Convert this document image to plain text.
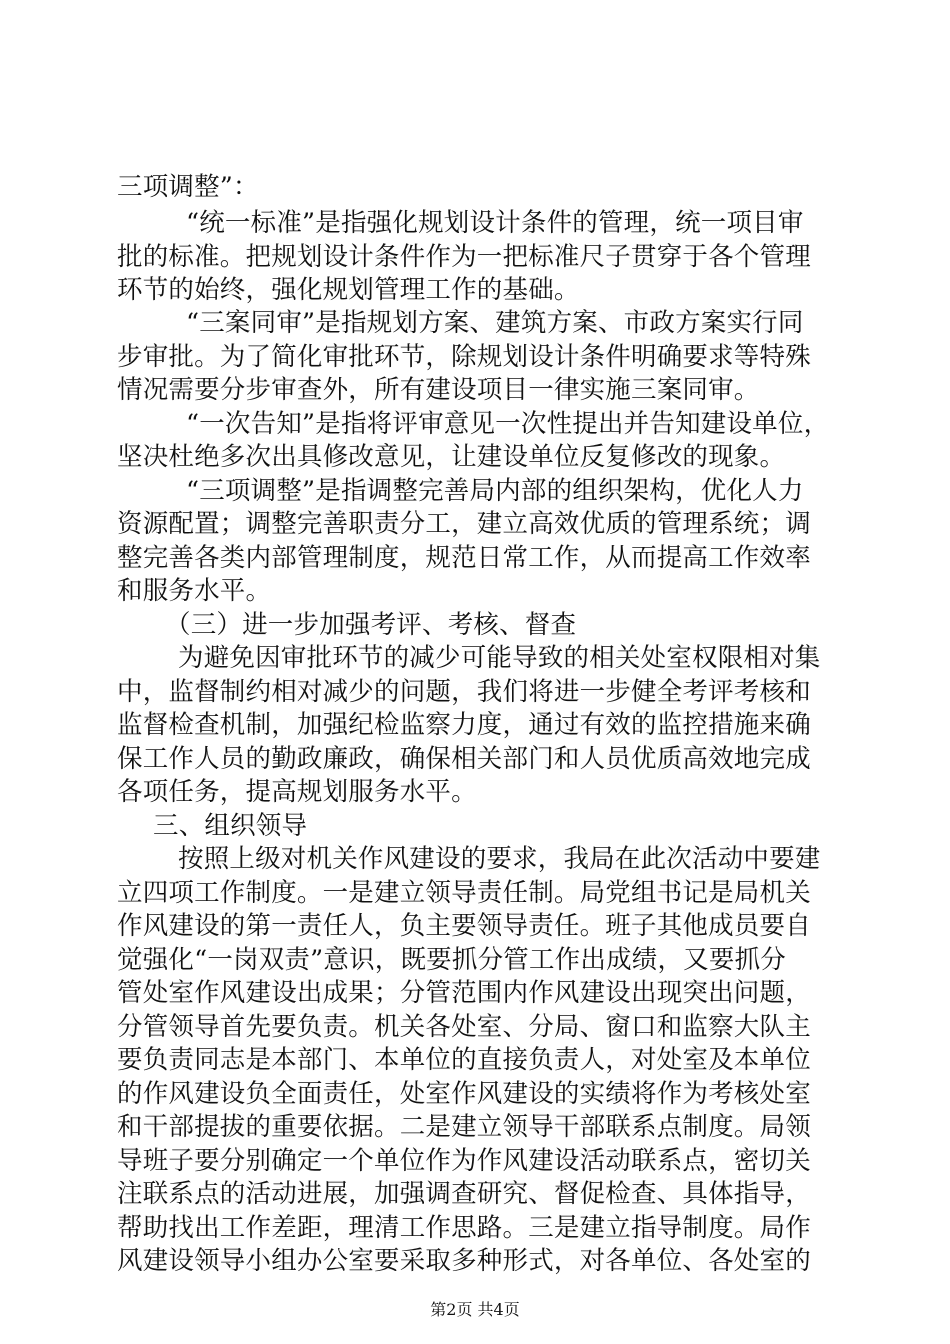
三项调整”：
“统一标准”是指强化规划设计条件的管理，统一项目审
批的标准。把规划设计条件作为一把标准尺子贯穿于各个管理
环节的始终，强化规划管理工作的基础。
“三案同审”是指规划方案、建筑方案、市政方案实行同
步审批。为了简化审批环节，除规划设计条件明确要求等特殊
情况需要分步审查外，所有建设项目一律实施三案同审。
“一次告知”是指将评审意见一次性提出并告知建设单位，
坚决杜绝多次出具修改意见，让建设单位反复修改的现象。
“三项调整”是指调整完善局内部的组织架构，优化人力
资源配置；调整完善职责分工，建立高效优质的管理系统；调
整完善各类内部管理制度，规范日常工作，从而提高工作效率
和服务水平。
（三）进一步加强考评、考核、督查
为避免因审批环节的减少可能导致的相关处室权限相对集
中，监督制约相对减少的问题，我们将进一步健全考评考核和
监督检查机制，加强纪检监察力度，通过有效的监控措施来确
保工作人员的勤政廉政，确保相关部门和人员优质高效地完成
各项任务，提高规划服务水平。
三、组织领导
按照上级对机关作风建设的要求，我局在此次活动中要建
立四项工作制度。一是建立领导责任制。局党组书记是局机关
作风建设的第一责任人，负主要领导责任。班子其他成员要自
觉强化“一岗双责”意识，既要抓分管工作出成绩，又要抓分
管处室作风建设出成果；分管范围内作风建设出现突出问题，
分管领导首先要负责。机关各处室、分局、窗口和监察大队主
要负责同志是本部门、本单位的直接负责人，对处室及本单位
的作风建设负全面责任，处室作风建设的实绩将作为考核处室
和干部提拔的重要依据。二是建立领导干部联系点制度。局领
导班子要分别确定一个单位作为作风建设活动联系点，密切关
注联系点的活动进展，加强调查研究、督促检查、具体指导，
帮助找出工作差距，理清工作思路。三是建立指导制度。局作
风建设领导小组办公室要采取多种形式，对各单位、各处室的
第2页 共4页
